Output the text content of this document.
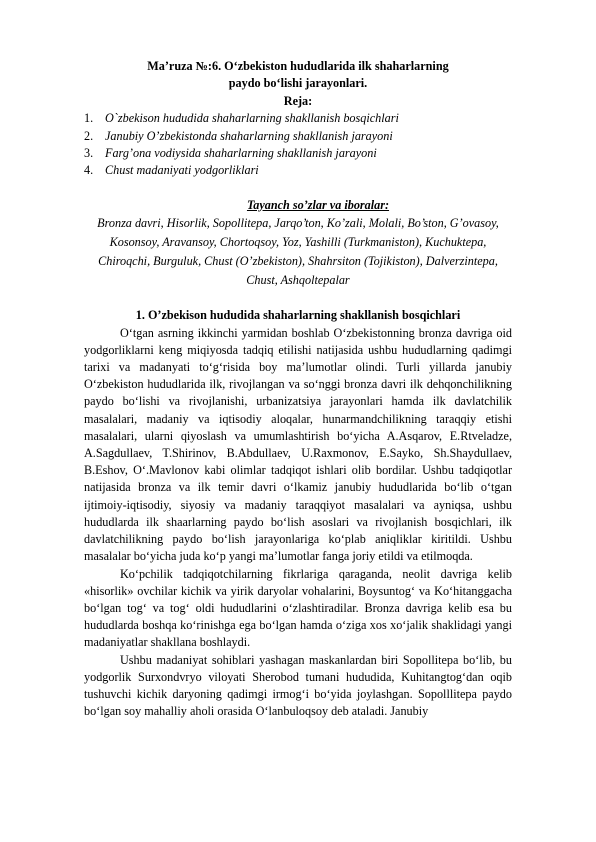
Ma’ruza №:6. O‘zbekiston hududlarida ilk shaharlarning
paydo bo‘lishi jarayonlari.

Reja:

1. O`zbekison hududida shaharlarning shakllanish bosqichlari
2. Janubiy O’zbekistonda shaharlarning shakllanish jarayoni
3. Farg’ona vodiysida shaharlarning shakllanish jarayoni
4. Chust madaniyati yodgorliklari

Tayanch so’zlar va iboralar:

Bronza davri, Hisorlik, Sopollitepa, Jarqo’ton, Ko’zali, Molali, Bo’ston, G’ovasoy, Kosonsoy, Aravansoy, Chortoqsoy, Yoz, Yashilli (Turkmaniston), Kuchuktepa, Chiroqchi, Burguluk, Chust (O’zbekiston), Shahrsiton (Tojikiston), Dalverzintepa, Chust, Ashqoltepalar

1. O’zbekison hududida shaharlarning shakllanish bosqichlari

O‘tgan asrning ikkinchi yarmidan boshlab O‘zbekistonning bronza davriga oid yodgorliklarni keng miqiyosda tadqiq etilishi natijasida ushbu hududlarning qadimgi tarixi va madanyati to‘g‘risida boy ma’lumotlar olindi. Turli yillarda janubiy O‘zbekiston hududlarida ilk, rivojlangan va so‘nggi bronza davri ilk dehqonchilikning paydo bo‘lishi va rivojlanishi, urbanizatsiya jarayonlari hamda ilk davlatchilik masalalari, madaniy va iqtisodiy aloqalar, hunarmandchilikning taraqqiy etishi masalalari, ularni qiyoslash va umumlashtirish bo‘yicha A.Asqarov, E.Rtveladze, A.Sagdullaev, T.Shirinov, B.Abdullaev, U.Raxmonov, E.Sayko, Sh.Shaydullaev, B.Eshov, O‘.Mavlonov kabi olimlar tadqiqot ishlari olib bordilar. Ushbu tadqiqotlar natijasida bronza va ilk temir davri o‘lkamiz janubiy hududlarida bo‘lib o‘tgan ijtimoiy-iqtisodiy, siyosiy va madaniy taraqqiyot masalalari va ayniqsa, ushbu hududlarda ilk shaarlarning paydo bo‘lish asoslari va rivojlanish bosqichlari, ilk davlatchilikning paydo bo‘lish jarayonlariga ko‘plab aniqliklar kiritildi. Ushbu masalalar bo‘yicha juda ko‘p yangi ma’lumotlar fanga joriy etildi va etilmoqda.

Ko‘pchilik tadqiqotchilarning fikrlariga qaraganda, neolit davriga kelib «hisorlik» ovchilar kichik va yirik daryolar vohalarini, Boysuntog‘ va Ko‘hitanggacha bo‘lgan tog‘ va tog‘ oldi hududlarini o‘zlashtiradilar. Bronza davriga kelib esa bu hududlarda boshqa ko‘rinishga ega bo‘lgan hamda o‘ziga xos xo‘jalik shaklidagi yangi madaniyatlar shakllana boshlaydi.

Ushbu madaniyat sohiblari yashagan maskanlardan biri Sopollitepa bo‘lib, bu yodgorlik Surxondvryo viloyati Sherobod tumani hududida, Kuhitangtog‘dan oqib tushuvchi kichik daryoning qadimgi irmog‘i bo‘yida joylashgan. Sopolllitepa paydo bo‘lgan soy mahalliy aholi orasida O‘lanbuloqsoy deb ataladi. Janubiy
